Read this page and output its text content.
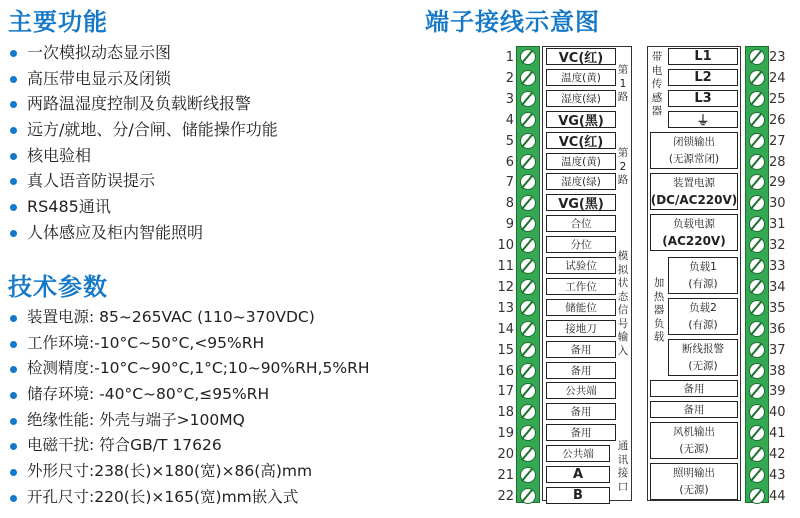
主要功能
一次模拟动态显示图
高压带电显示及闭锁
两路温湿度控制及负载断线报警
远方/就地、分/合闸、储能操作功能
核电验相
真人语音防误提示
RS485通讯
人体感应及柜内智能照明
技术参数
装置电源: 85~265VAC (110~370VDC)
工作环境:-10°C~50°C,<95%RH
检测精度:-10°C~90°C,1°C;10~90%RH,5%RH
储存环境: -40°C~80°C,≤95%RH
绝缘性能: 外壳与端子>100MQ
电磁干扰: 符合GB/T 17626
外形尺寸:238(长)×180(宽)×86(高)mm
开孔尺寸:220(长)×165(宽)mm嵌入式
端子接线示意图
1
2
3
4
5
6
7
8
9
10
11
12
13
14
15
16
17
18
19
20
21
22
23
24
25
26
27
28
29
30
31
32
33
34
35
36
37
38
39
40
41
42
43
44
VC(红)
温度(黄)
湿度(绿)
VG(黑)
VC(红)
温度(黄)
湿度(绿)
VG(黑)
合位
分位
试验位
工作位
储能位
接地刀
备用
备用
公共端
备用
备用
公共端
A
B
第1路
第2路
模拟状态信号输入
通讯接口
带电传感器
L1
L2
L3
⏚
闭锁输出
(无源常闭)
装置电源
(DC/AC220V)
负载电源
(AC220V)
加热器负载
负载1
(有源)
负载2
(有源)
断线报警
(无源)
备用
备用
风机输出
(无源)
照明输出
(无源)
